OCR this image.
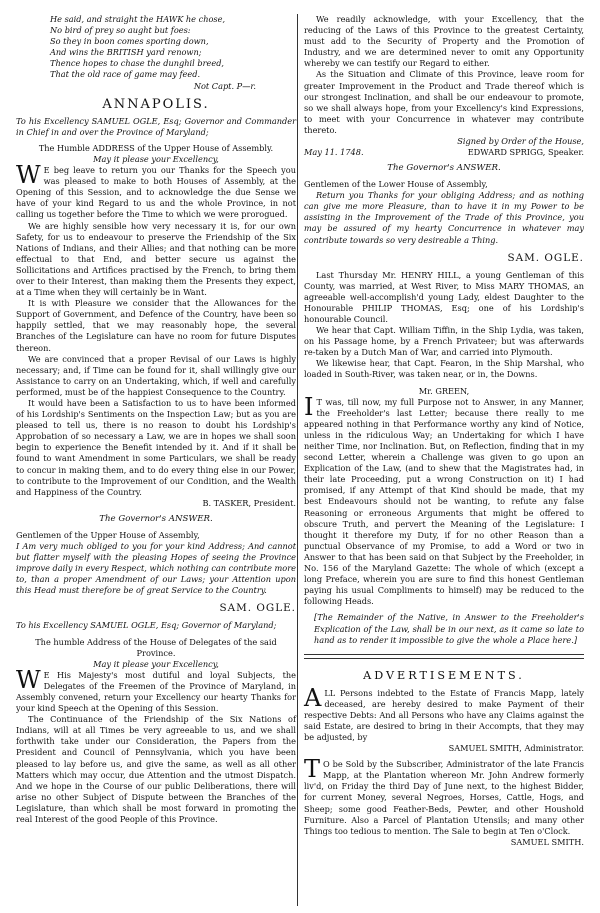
He said, and straight the HAWK he chose,
No bird of prey so aught but foes:
So they in boon comes sporting down,
And wins the BRITISH yard renown;
Thence hopes to chase the dunghil breed,
That the old race of game may feed.
Not Capt. P—r.
ANNAPOLIS.

To his Excellency SAMUEL OGLE, Esq; Governor and Commander in Chief in and over the Province of Maryland;

The Humble ADDRESS of the Upper House of Assembly.

May it please your Excellency,

WE beg leave to return you our Thanks for the Speech you was pleased to make to both Houses of Assembly, at the Opening of this Session, and to acknowledge the due Sense we have of your kind Regard to us and the whole Province, in not calling us together before the Time to which we were prorogued.

We are highly sensible how very necessary it is, for our own Safety, for us to endeavour to preserve the Friendship of the Six Nations of Indians, and their Allies; and that nothing can be more effectual to that End, and better secure us against the Sollicitations and Artifices practised by the French, to bring them over to their Interest, than making them the Presents they expect, at a Time when they will certainly be in Want.

It is with Pleasure we consider that the Allowances for the Support of Government, and Defence of the Country, have been so happily settled, that we may reasonably hope, the several Branches of the Legislature can have no room for future Disputes thereon.

We are convinced that a proper Revisal of our Laws is highly necessary; and, if Time can be found for it, shall willingly give our Assistance to carry on an Undertaking, which, if well and carefully performed, must be of the happiest Consequence to the Country.

It would have been a Satisfaction to us to have been informed of his Lordship's Sentiments on the Inspection Law; but as you are pleased to tell us, there is no reason to doubt his Lordship's Approbation of so necessary a Law, we are in hopes we shall soon begin to experience the Benefit intended by it. And if it shall be found to want Amendment in some Particulars, we shall be ready to concur in making them, and to do every thing else in our Power, to contribute to the Improvement of our Condition, and the Wealth and Happiness of the Country.

B. TASKER, President.
The Governor's ANSWER.

Gentlemen of the Upper House of Assembly,

I Am very much obliged to you for your kind Address; And cannot but flatter myself with the pleasing Hopes of seeing the Province improve daily in every Respect, which nothing can contribute more to, than a proper Amendment of our Laws; your Attention upon this Head must therefore be of great Service to the Country.

SAM. OGLE.

To his Excellency SAMUEL OGLE, Esq; Governor of Maryland;

The humble Address of the House of Delegates of the said Province.

May it please your Excellency,

WE His Majesty's most dutiful and loyal Subjects, the Delegates of the Freemen of the Province of Maryland, in Assembly convened, return your Excellency our hearty Thanks for your kind Speech at the Opening of this Session.

The Continuance of the Friendship of the Six Nations of Indians, will at all Times be very agreeable to us, and we shall forthwith take under our Consideration, the Papers from the President and Council of Pennsylvania, which you have been pleased to lay before us, and give the same, as well as all other Matters which may occur, due Attention and the utmost Dispatch. And we hope in the Course of our public Deliberations, there will arise no other Subject of Dispute between the Branches of the Legislature, than which shall be most forward in promoting the real Interest of the good People of this Province.

We readily acknowledge, with your Excellency, that the reducing of the Laws of this Province to the greatest Certainty, must add to the Security of Property and the Promotion of Industry, and we are determined never to omit any Opportunity whereby we can testify our Regard to either.

As the Situation and Climate of this Province, leave room for greater Improvement in the Product and Trade thereof which is our strongest Inclination, and shall be our endeavour to promote, so we shall always hope, from your Excellency's kind Expressions, to meet with your Concurrence in whatever may contribute thereto.

Signed by Order of the House,
May 11. 1748.	EDWARD SPRIGG, Speaker.
The Governor's ANSWER.

Gentlemen of the Lower House of Assembly,

Return you Thanks for your obliging Address; and as nothing can give me more Pleasure, than to have it in my Power to be assisting in the Improvement of the Trade of this Province, you may be assured of my hearty Concurrence in whatever may contribute towards so very desireable a Thing.

SAM. OGLE.

Last Thursday Mr. HENRY HILL, a young Gentleman of this County, was married, at West River, to Miss MARY THOMAS, an agreeable well-accomplish'd young Lady, eldest Daughter to the Honourable PHILIP THOMAS, Esq; one of his Lordship's honourable Council.

We hear that Capt. William Tiffin, in the Ship Lydia, was taken, on his Passage home, by a French Privateer; but was afterwards re-taken by a Dutch Man of War, and carried into Plymouth.

We likewise hear, that Capt. Fearon, in the Ship Marshal, who loaded in South-River, was taken near, or in, the Downs.

Mr. GREEN,

IT was, till now, my full Purpose not to Answer, in any Manner, the Freeholder's last Letter; because there really to me appeared nothing in that Performance worthy any kind of Notice, unless in the ridiculous Way; an Undertaking for which I have neither Time, nor Inclination. But, on Reflection, finding that in my second Letter, wherein a Challenge was given to go upon an Explication of the Law, (and to shew that the Magistrates had, in their late Proceeding, put a wrong Construction on it) I had promised, if any Attempt of that Kind should be made, that my best Endeavours should not be wanting, to refute any false Reasoning or erroneous Arguments that might be offered to obscure Truth, and pervert the Meaning of the Legislature: I thought it therefore my Duty, if for no other Reason than a punctual Observance of my Promise, to add a Word or two in Answer to that has been said on that Subject by the Freeholder, in No. 156 of the Maryland Gazette: The whole of which (except a long Preface, wherein you are sure to find this honest Gentleman paying his usual Compliments to himself) may be reduced to the following Heads.

[The Remainder of the Native, in Answer to the Freeholder's Explication of the Law, shall be in our next, as it came so late to hand as to render it impossible to give the whole a Place here.]

ADVERTISEMENTS.

ALL Persons indebted to the Estate of Francis Mapp, lately deceased, are hereby desired to make Payment of their respective Debts: And all Persons who have any Claims against the said Estate, are desired to bring in their Accompts, that they may be adjusted, by

SAMUEL SMITH, Administrator.

TO be Sold by the Subscriber, Administrator of the late Francis Mapp, at the Plantation whereon Mr. John Andrew formerly liv'd, on Friday the third Day of June next, to the highest Bidder, for current Money, several Negroes, Horses, Cattle, Hogs, and Sheep; some good Feather-Beds, Pewter, and other Houshold Furniture. Also a Parcel of Plantation Utensils; and many other Things too tedious to mention. The Sale to begin at Ten o'Clock.

SAMUEL SMITH.
